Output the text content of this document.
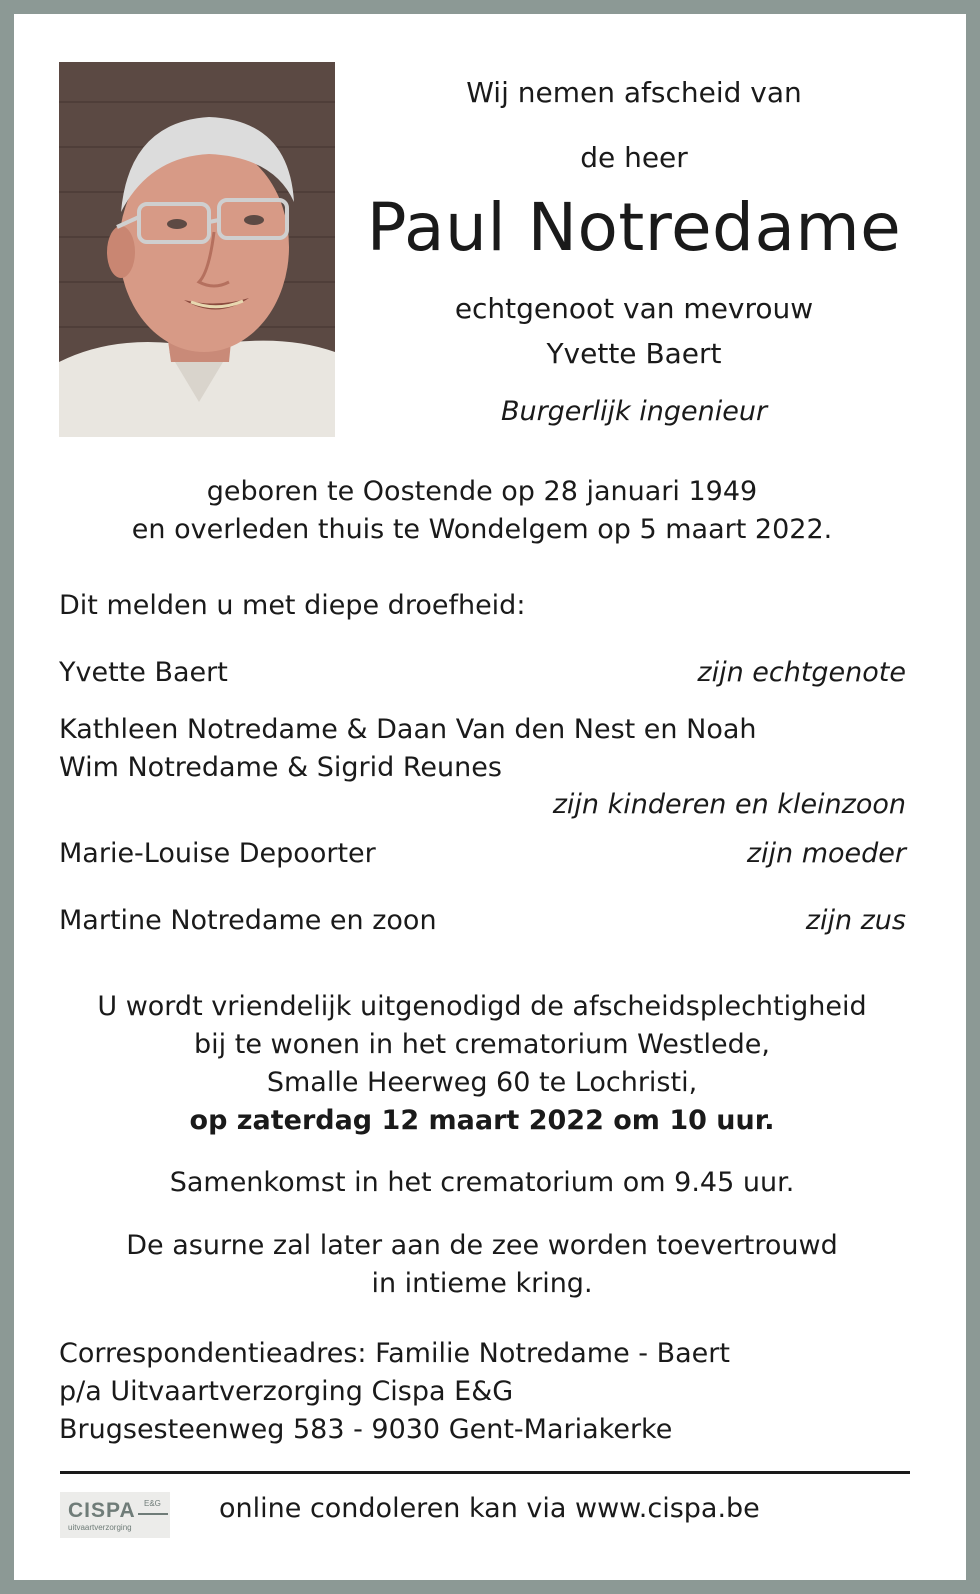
Wij nemen afscheid van
de heer
Paul Notredame
echtgenoot van mevrouw
Yvette Baert
Burgerlijk ingenieur
geboren te Oostende op 28 januari 1949
en overleden thuis te Wondelgem op 5 maart 2022.
Dit melden u met diepe droefheid:
Yvette Baert	zijn echtgenote
Kathleen Notredame & Daan Van den Nest en Noah
Wim Notredame & Sigrid Reunes
zijn kinderen en kleinzoon
Marie-Louise Depoorter	zijn moeder
Martine Notredame en zoon	zijn zus
U wordt vriendelijk uitgenodigd de afscheidsplechtigheid
bij te wonen in het crematorium Westlede,
Smalle Heerweg 60 te Lochristi,
op zaterdag 12 maart 2022 om 10 uur.
Samenkomst in het crematorium om 9.45 uur.
De asurne zal later aan de zee worden toevertrouwd
in intieme kring.
Correspondentieadres: Familie Notredame - Baert
p/a Uitvaartverzorging Cispa E&G
Brugsesteenweg 583 - 9030 Gent-Mariakerke
CISPA E&G
uitvaartverzorging
online condoleren kan via www.cispa.be
